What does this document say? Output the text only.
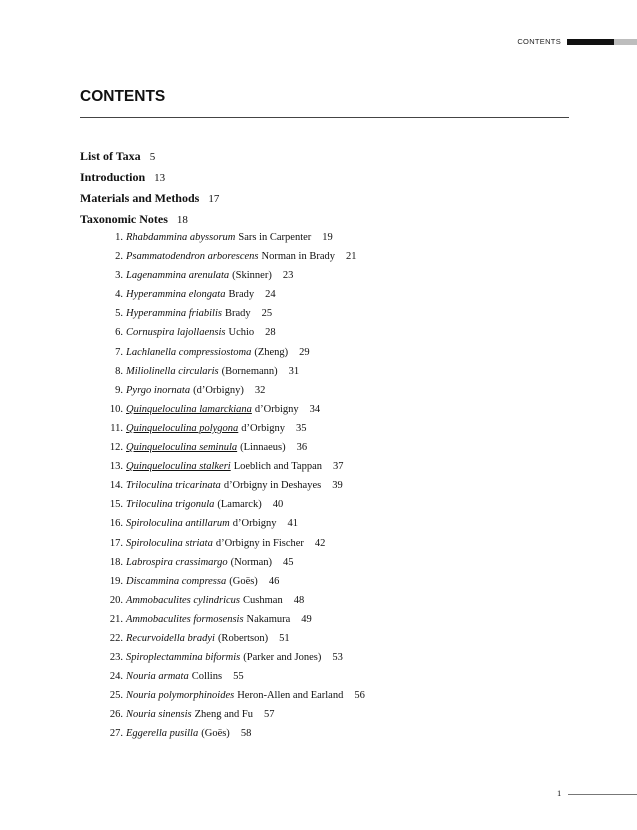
CONTENTS
CONTENTS
List of Taxa 5
Introduction 13
Materials and Methods 17
Taxonomic Notes 18
1. Rhabdammina abyssorum Sars in Carpenter 19
2. Psammatodendron arborescens Norman in Brady 21
3. Lagenammina arenulata (Skinner) 23
4. Hyperammina elongata Brady 24
5. Hyperammina friabilis Brady 25
6. Cornuspira lajollaensis Uchio 28
7. Lachlanella compressiostoma (Zheng) 29
8. Miliolinella circularis (Bornemann) 31
9. Pyrgo inornata (d’Orbigny) 32
10. Quinqueloculina lamarckiana d’Orbigny 34
11. Quinqueloculina polygona d’Orbigny 35
12. Quinqueloculina seminula (Linnaeus) 36
13. Quinqueloculina stalkeri Loeblich and Tappan 37
14. Triloculina tricarinata d’Orbigny in Deshayes 39
15. Triloculina trigonula (Lamarck) 40
16. Spiroloculina antillarum d’Orbigny 41
17. Spiroloculina striata d’Orbigny in Fischer 42
18. Labrospira crassimargo (Norman) 45
19. Discammina compressa (Goës) 46
20. Ammobaculites cylindricus Cushman 48
21. Ammobaculites formosensis Nakamura 49
22. Recurvoidella bradyi (Robertson) 51
23. Spiroplectammina biformis (Parker and Jones) 53
24. Nouria armata Collins 55
25. Nouria polymorphinoides Heron-Allen and Earland 56
26. Nouria sinensis Zheng and Fu 57
27. Eggerella pusilla (Goës) 58
1
